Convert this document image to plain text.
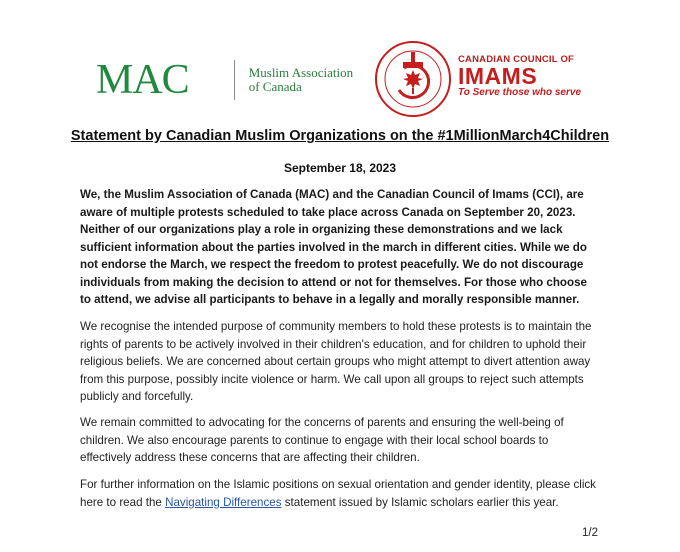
MAC	Muslim Association
of Canada
CANADIAN COUNCIL OF
IMAMS
To Serve those who serve
Statement by Canadian Muslim Organizations on the #1MillionMarch4Children
September 18, 2023

We, the Muslim Association of Canada (MAC) and the Canadian Council of Imams (CCI), are aware of multiple protests scheduled to take place across Canada on September 20, 2023. Neither of our organizations play a role in organizing these demonstrations and we lack sufficient information about the parties involved in the march in different cities. While we do not endorse the March, we respect the freedom to protest peacefully. We do not discourage individuals from making the decision to attend or not for themselves. For those who choose to attend, we advise all participants to behave in a legally and morally responsible manner.

We recognise the intended purpose of community members to hold these protests is to maintain the rights of parents to be actively involved in their children's education, and for children to uphold their religious beliefs. We are concerned about certain groups who might attempt to divert attention away from this purpose, possibly incite violence or harm. We call upon all groups to reject such attempts publicly and forcefully.

We remain committed to advocating for the concerns of parents and ensuring the well-being of children. We also encourage parents to continue to engage with their local school boards to effectively address these concerns that are affecting their children.

For further information on the Islamic positions on sexual orientation and gender identity, please click here to read the Navigating Differences statement issued by Islamic scholars earlier this year.

1/2
